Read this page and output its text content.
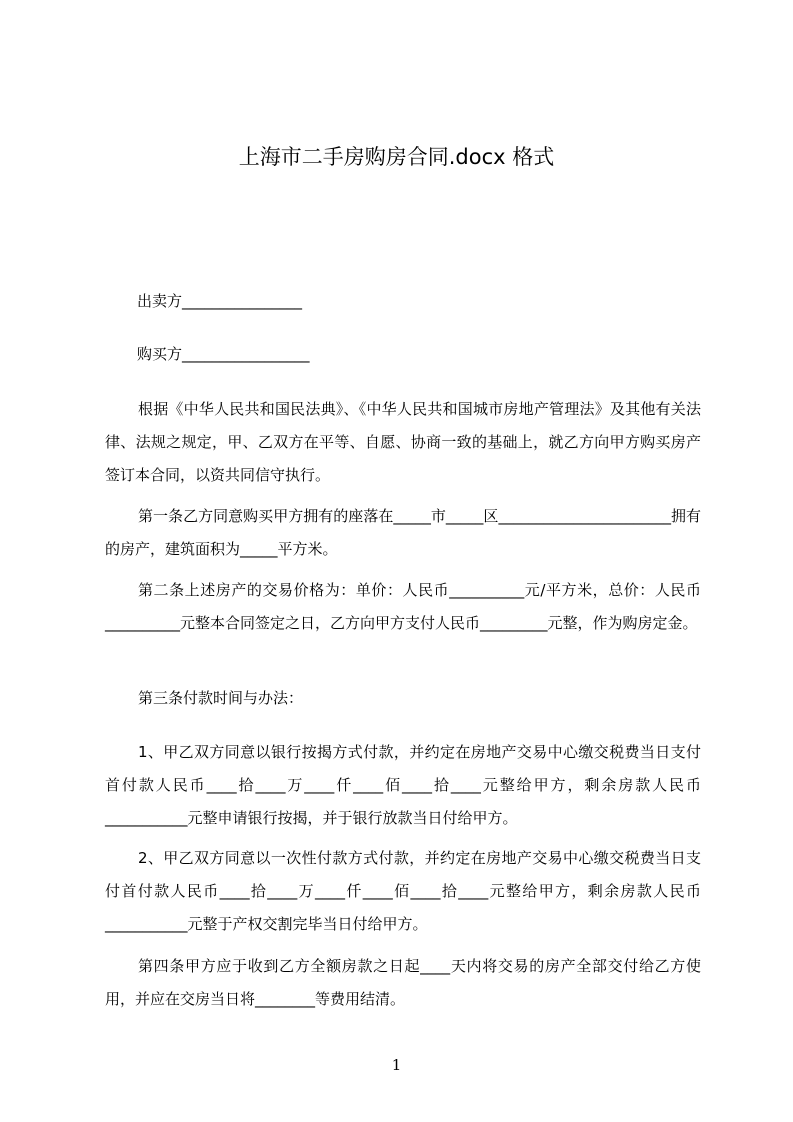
上海市二手房购房合同.docx 格式

出卖方________________

购买方_________________

根据《中华人民共和国民法典》、《中华人民共和国城市房地产管理法》及其他有关法律、法规之规定，甲、乙双方在平等、自愿、协商一致的基础上，就乙方向甲方购买房产签订本合同，以资共同信守执行。

第一条乙方同意购买甲方拥有的座落在_____市_____区_______________________拥有的房产，建筑面积为_____平方米。

第二条上述房产的交易价格为：单价：人民币__________元/平方米，总价：人民币__________元整本合同签定之日，乙方向甲方支付人民币_________元整，作为购房定金。

第三条付款时间与办法：

1、甲乙双方同意以银行按揭方式付款，并约定在房地产交易中心缴交税费当日支付首付款人民币____拾____万____仟____佰____拾____元整给甲方，剩余房款人民币___________元整申请银行按揭，并于银行放款当日付给甲方。

2、甲乙双方同意以一次性付款方式付款，并约定在房地产交易中心缴交税费当日支付首付款人民币____拾____万____仟____佰____拾____元整给甲方，剩余房款人民币___________元整于产权交割完毕当日付给甲方。

第四条甲方应于收到乙方全额房款之日起____天内将交易的房产全部交付给乙方使用，并应在交房当日将________等费用结清。

1
